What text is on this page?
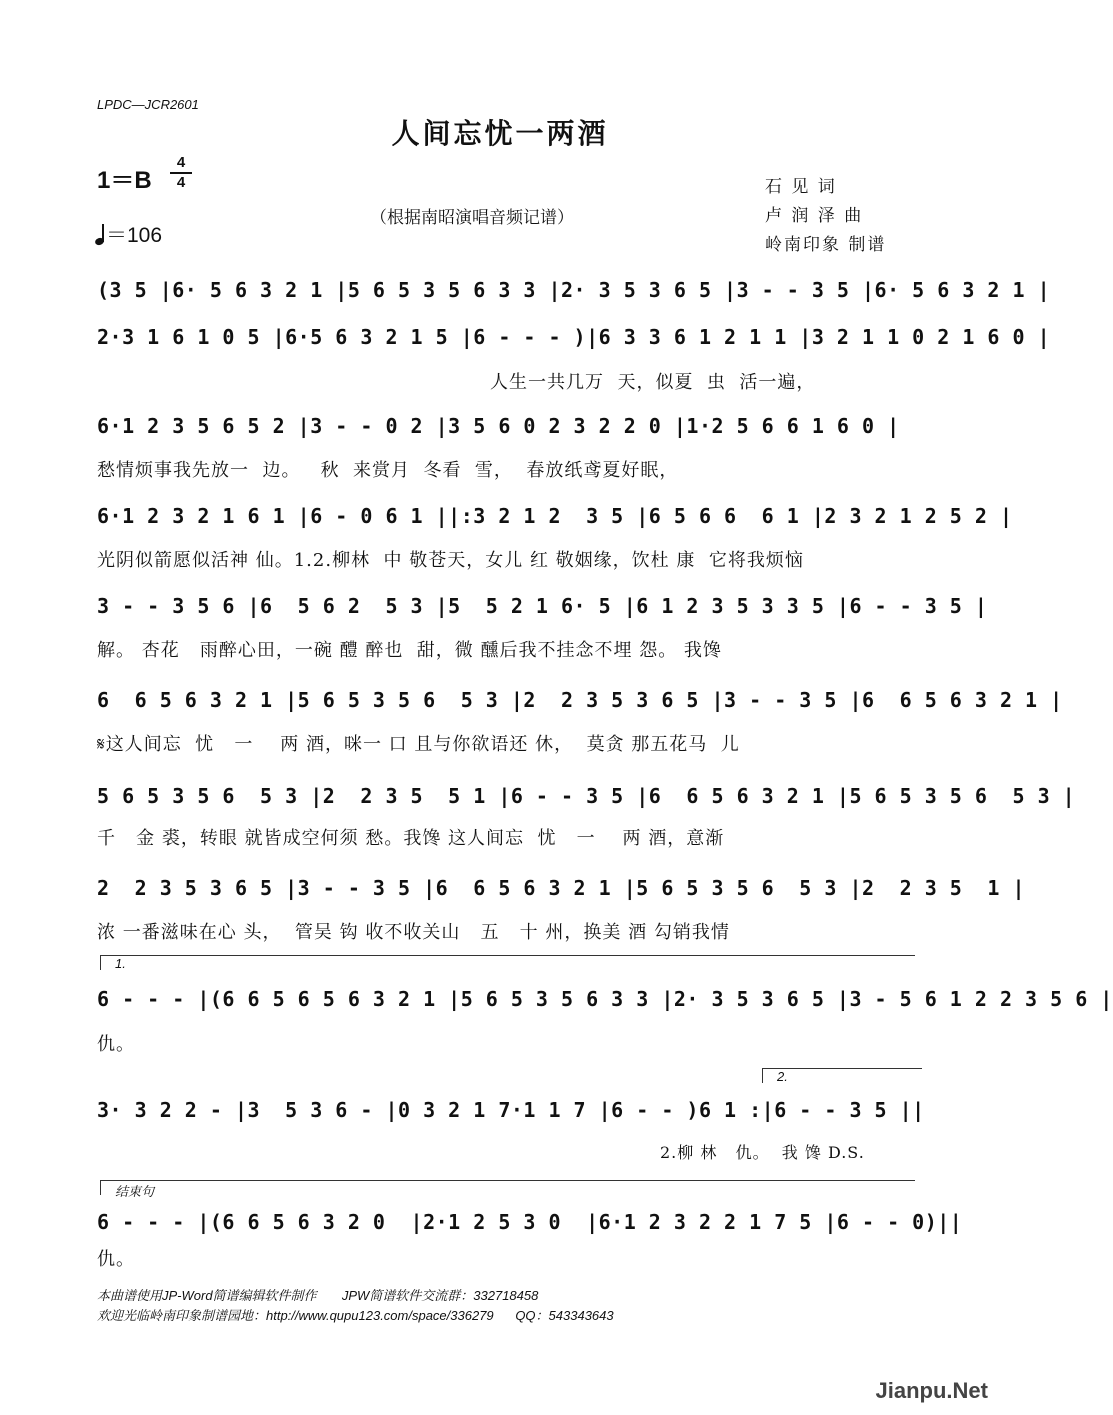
LPDC—JCR2601
人间忘忧一两酒
1＝B
4
4
＝106
（根据南昭演唱音频记谱）
石 见 词
卢 润 泽 曲
岭南印象 制谱
(3 5 |6· 5 6 3 2 1 |5 6 5 3 5 6 3 3 |2· 3 5 3 6 5 |3 - - 3 5 |6· 5 6 3 2 1 |
2·3 1 6 1 0 5 |6·5 6 3 2 1 5 |6 - - - )|6 3 3 6 1 2 1 1 |3 2 1 1 0 2 1 6 0 |
人生一共几万  天，似夏  虫  活一遍，
6·1 2 3 5 6 5 2 |3 - - 0 2 |3 5 6 0 2 3 2 2 0 |1·2 5 6 6 1 6 0 |
愁情烦事我先放一  边。   秋  来赏月  冬看  雪，  春放纸鸢夏好眠，
6·1 2 3 2 1 6 1 |6 - 0 6 1 ||:3 2 1 2  3 5 |6 5 6 6  6 1 |2 3 2 1 2 5 2 |
光阴似箭愿似活神 仙。1.2.柳林  中 敬苍天，女儿 红 敬姻缘，饮杜 康  它将我烦恼
3 - - 3 5 6 |6  5 6 2  5 3 |5  5 2 1 6· 5 |6 1 2 3 5 3 3 5 |6 - - 3 5 |
解。 杏花   雨醉心田，一碗 醴 醉也  甜，微 醺后我不挂念不埋 怨。 我馋
6  6 5 6 3 2 1 |5 6 5 3 5 6  5 3 |2  2 3 5 3 6 5 |3 - - 3 5 |6  6 5 6 3 2 1 |
𝄋这人间忘  忧   一    两 酒，咪一 口 且与你欲语还 休，  莫贪 那五花马  儿
5 6 5 3 5 6  5 3 |2  2 3 5  5 1 |6 - - 3 5 |6  6 5 6 3 2 1 |5 6 5 3 5 6  5 3 |
千   金 裘，转眼 就皆成空何须 愁。我馋 这人间忘  忧   一    两 酒，意渐
2  2 3 5 3 6 5 |3 - - 3 5 |6  6 5 6 3 2 1 |5 6 5 3 5 6  5 3 |2  2 3 5  1 |
浓 一番滋味在心 头，  管吴 钩 收不收关山   五   十 州，换美 酒 勾销我情
1.
6 - - - |(6 6 5 6 5 6 3 2 1 |5 6 5 3 5 6 3 3 |2· 3 5 3 6 5 |3 - 5 6 1 2 2 3 5 6 |
仇。
2.
3· 3 2 2 - |3  5 3 6 - |0 3 2 1 7·1 1 7 |6 - - )6 1 :|6 - - 3 5 ||
2.柳 林   仇。  我 馋 D.S.
结束句
6 - - - |(6 6 5 6 3 2 0  |2·1 2 5 3 0  |6·1 2 3 2 2 1 7 5 |6 - - 0)||
仇。
本曲谱使用JP-Word简谱编辑软件制作       JPW简谱软件交流群：332718458
欢迎光临岭南印象制谱园地：http://www.qupu123.com/space/336279      QQ：543343643
Jianpu.Net
